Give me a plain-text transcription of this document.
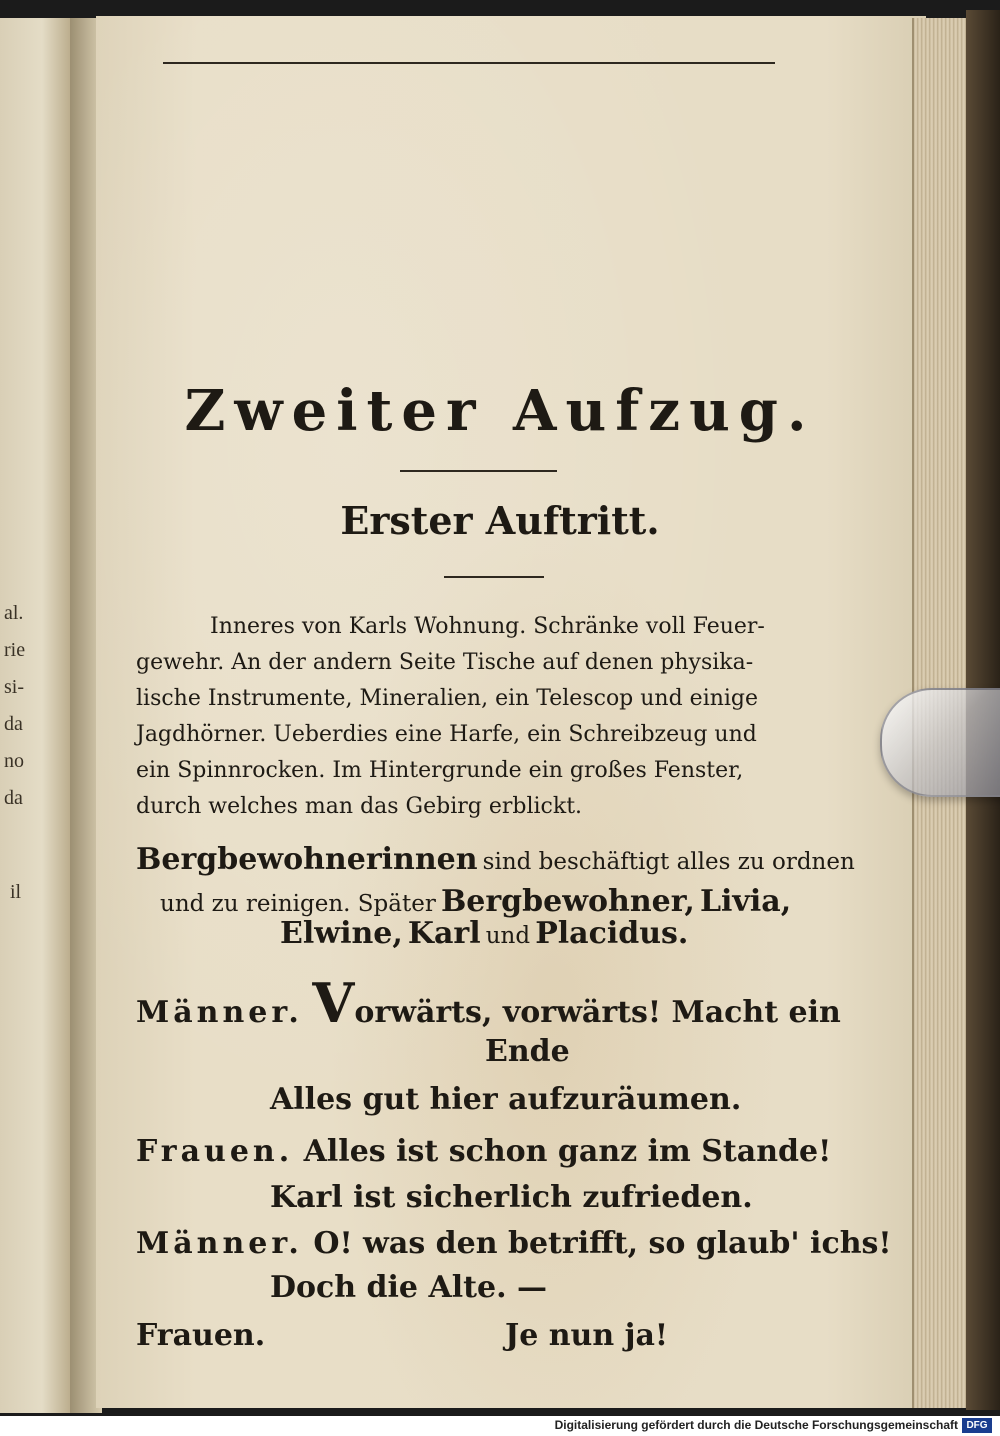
al.
rie
si-
da
no
da
il
Zweiter Aufzug.
Erster Auftritt.
Inneres von Karls Wohnung. Schränke voll Feuer-
gewehr. An der andern Seite Tische auf denen physika-
lische Instrumente, Mineralien, ein Telescop und einige
Jagdhörner. Ueberdies eine Harfe, ein Schreibzeug und
ein Spinnrocken. Im Hintergrunde ein großes Fenster,
durch welches man das Gebirg erblickt.
Bergbewohnerinnen sind beschäftigt alles zu ordnen
und zu reinigen. Später Bergbewohner, Livia,
Elwine, Karl und Placidus.
Männer. Vorwärts, vorwärts! Macht ein
Ende
Alles gut hier aufzuräumen.
Frauen. Alles ist schon ganz im Stande!
Karl ist sicherlich zufrieden.
Männer. O! was den betrifft, so glaub' ichs!
Doch die Alte. —
Frauen.	Je nun ja!
Digitalisierung gefördert durch die Deutsche Forschungsgemeinschaft DFG
